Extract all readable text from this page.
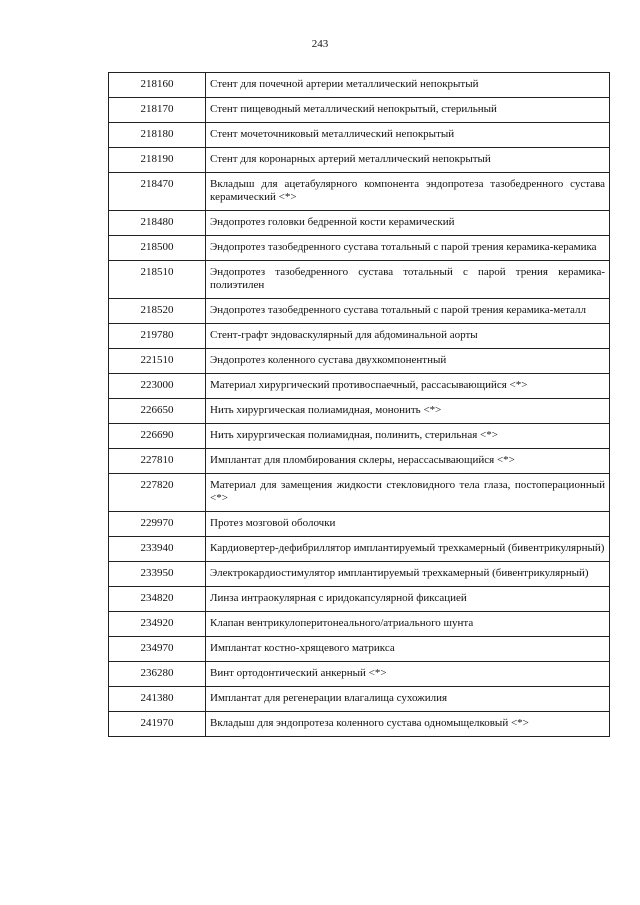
243
218160	Стент для почечной артерии металлический непокрытый
218170	Стент пищеводный металлический непокрытый, стерильный
218180	Стент мочеточниковый металлический непокрытый
218190	Стент для коронарных артерий металлический непокрытый
218470	Вкладыш для ацетабулярного компонента эндопротеза тазобедренного сустава керамический <*>
218480	Эндопротез головки бедренной кости керамический
218500	Эндопротез тазобедренного сустава тотальный с парой трения керамика-керамика
218510	Эндопротез тазобедренного сустава тотальный с парой трения керамика-полиэтилен
218520	Эндопротез тазобедренного сустава тотальный с парой трения керамика-металл
219780	Стент-графт эндоваскулярный для абдоминальной аорты
221510	Эндопротез коленного сустава двухкомпонентный
223000	Материал хирургический противоспаечный, рассасывающийся <*>
226650	Нить хирургическая полиамидная, мононить <*>
226690	Нить хирургическая полиамидная, полинить, стерильная <*>
227810	Имплантат для пломбирования склеры, нерассасывающийся <*>
227820	Материал для замещения жидкости стекловидного тела глаза, постоперационный <*>
229970	Протез мозговой оболочки
233940	Кардиовертер-дефибриллятор имплантируемый трехкамерный (бивентрикулярный)
233950	Электрокардиостимулятор имплантируемый трехкамерный (бивентрикулярный)
234820	Линза интраокулярная с иридокапсулярной фиксацией
234920	Клапан вентрикулоперитонеального/атриального шунта
234970	Имплантат костно-хрящевого матрикса
236280	Винт ортодонтический анкерный <*>
241380	Имплантат для регенерации влагалища сухожилия
241970	Вкладыш для эндопротеза коленного сустава одномыщелковый <*>
